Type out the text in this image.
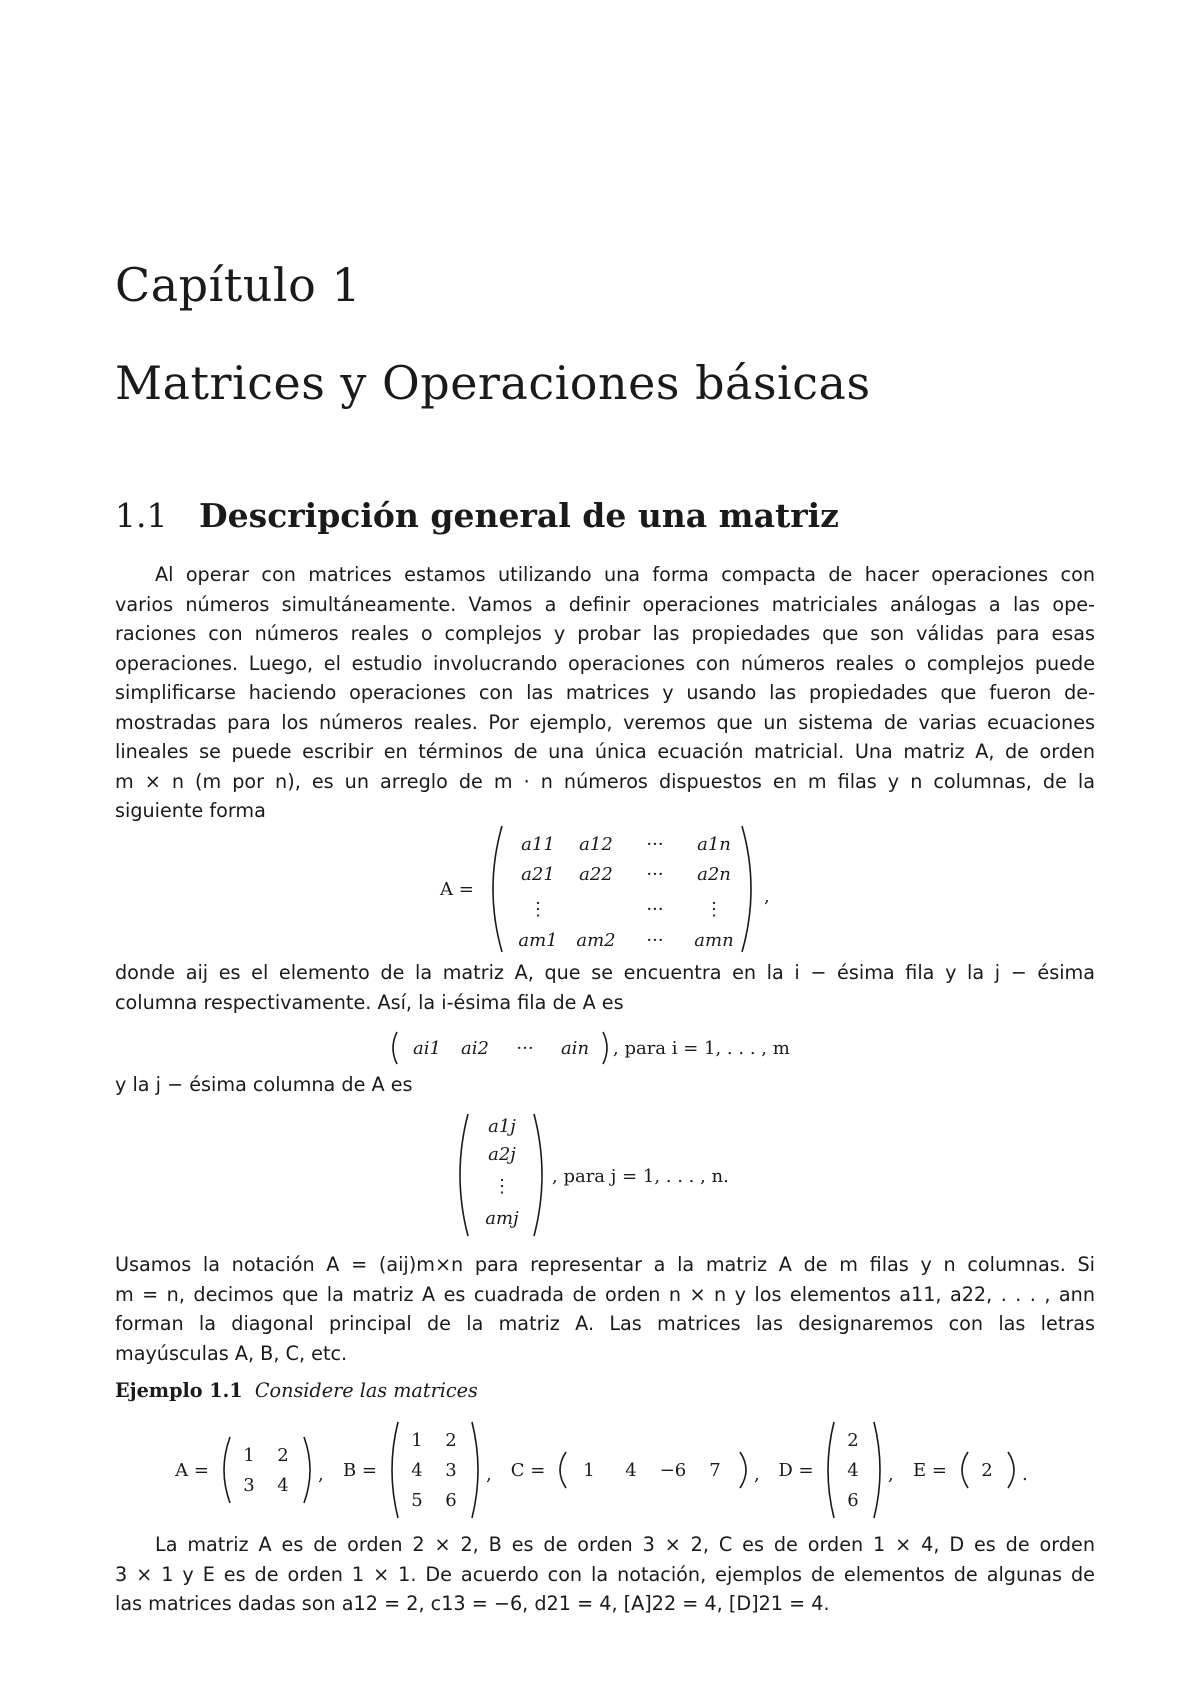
Capítulo 1
Matrices y Operaciones básicas
1.1 Descripción general de una matriz
Al operar con matrices estamos utilizando una forma compacta de hacer operaciones con
varios números simultáneamente. Vamos a definir operaciones matriciales análogas a las ope-
raciones con números reales o complejos y probar las propiedades que son válidas para esas
operaciones. Luego, el estudio involucrando operaciones con números reales o complejos puede
simplificarse haciendo operaciones con las matrices y usando las propiedades que fueron de-
mostradas para los números reales. Por ejemplo, veremos que un sistema de varias ecuaciones
lineales se puede escribir en términos de una única ecuación matricial. Una matriz A, de orden
m × n (m por n), es un arreglo de m · n números dispuestos en m filas y n columnas, de la
siguiente forma
A =
a11 a12 ··· a1n
a21 a22 ··· a2n
⋮	··· ⋮
am1 am2 ··· amn
,
donde aij es el elemento de la matriz A, que se encuentra en la i − ésima fila y la j − ésima
columna respectivamente. Así, la i-ésima fila de A es
ai1 ai2 ··· ain , para i = 1, . . . , m
y la j − ésima columna de A es
a1j
a2j
⋮
amj
, para j = 1, . . . , n.
Usamos la notación A = (aij)m×n para representar a la matriz A de m filas y n columnas. Si
m = n, decimos que la matriz A es cuadrada de orden n × n y los elementos a11, a22, . . . , ann
forman la diagonal principal de la matriz A. Las matrices las designaremos con las letras
mayúsculas A, B, C, etc.
Ejemplo 1.1 Considere las matrices
A =
1 2
3 4
, B =
1 2
4 3
5 6
, C = 1 4 −6 7 , D =
2
4
6
, E = 2 .
La matriz A es de orden 2 × 2, B es de orden 3 × 2, C es de orden 1 × 4, D es de orden
3 × 1 y E es de orden 1 × 1. De acuerdo con la notación, ejemplos de elementos de algunas de
las matrices dadas son a12 = 2, c13 = −6, d21 = 4, [A]22 = 4, [D]21 = 4.
